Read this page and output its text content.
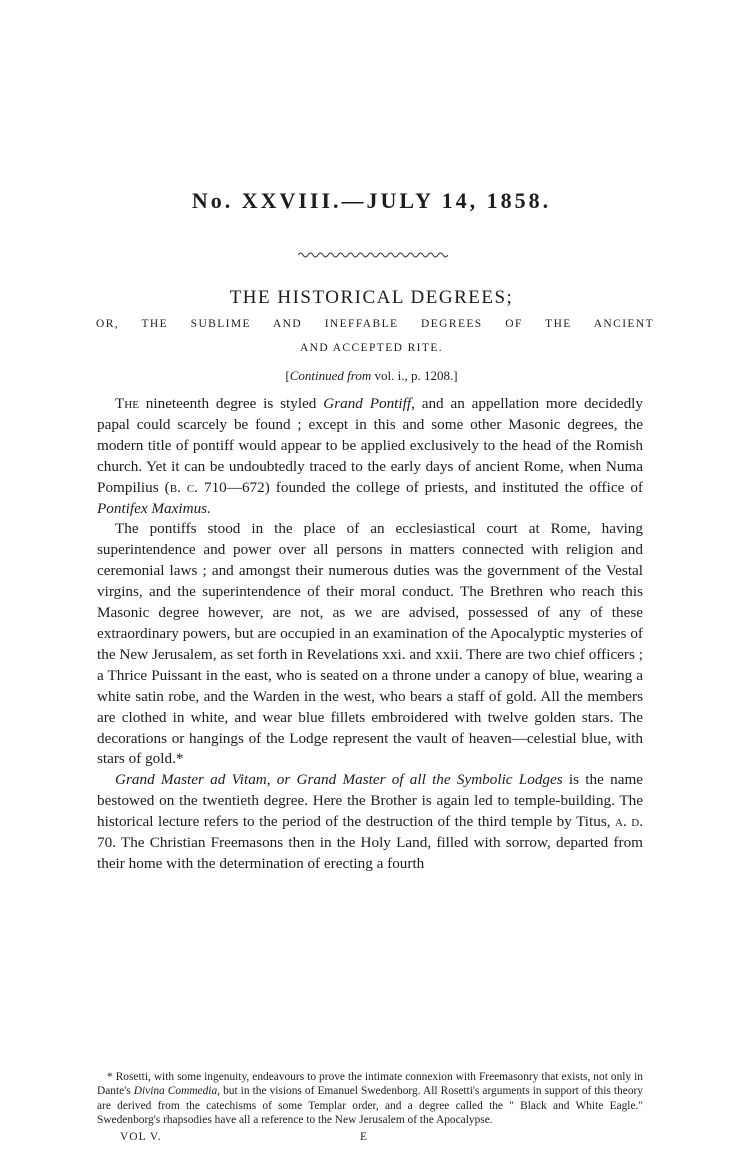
No. XXVIII.—JULY 14, 1858.
THE HISTORICAL DEGREES;
OR, THE SUBLIME AND INEFFABLE DEGREES OF THE ANCIENT
AND ACCEPTED RITE.
[Continued from vol. i., p. 1208.]

The nineteenth degree is styled Grand Pontiff, and an appellation more decidedly papal could scarcely be found ; except in this and some other Masonic degrees, the modern title of pontiff would appear to be applied exclusively to the head of the Romish church. Yet it can be undoubtedly traced to the early days of ancient Rome, when Numa Pompilius (b. c. 710—672) founded the college of priests, and instituted the office of Pontifex Maximus.

The pontiffs stood in the place of an ecclesiastical court at Rome, having superintendence and power over all persons in matters connected with religion and ceremonial laws ; and amongst their numerous duties was the government of the Vestal virgins, and the superintendence of their moral conduct. The Brethren who reach this Masonic degree however, are not, as we are advised, possessed of any of these extraordinary powers, but are occupied in an examination of the Apocalyptic mysteries of the New Jerusalem, as set forth in Revelations xxi. and xxii. There are two chief officers ; a Thrice Puissant in the east, who is seated on a throne under a canopy of blue, wearing a white satin robe, and the Warden in the west, who bears a staff of gold. All the members are clothed in white, and wear blue fillets embroidered with twelve golden stars. The decorations or hangings of the Lodge represent the vault of heaven—celestial blue, with stars of gold.*

Grand Master ad Vitam, or Grand Master of all the Symbolic Lodges is the name bestowed on the twentieth degree. Here the Brother is again led to temple-building. The historical lecture refers to the period of the destruction of the third temple by Titus, a. d. 70. The Christian Freemasons then in the Holy Land, filled with sorrow, departed from their home with the determination of erecting a fourth

* Rosetti, with some ingenuity, endeavours to prove the intimate connexion with Freemasonry that exists, not only in Dante's Divina Commedia, but in the visions of Emanuel Swedenborg. All Rosetti's arguments in support of this theory are derived from the catechisms of some Templar order, and a degree called the " Black and White Eagle." Swedenborg's rhapsodies have all a reference to the New Jerusalem of the Apocalypse.

VOL V.	E
